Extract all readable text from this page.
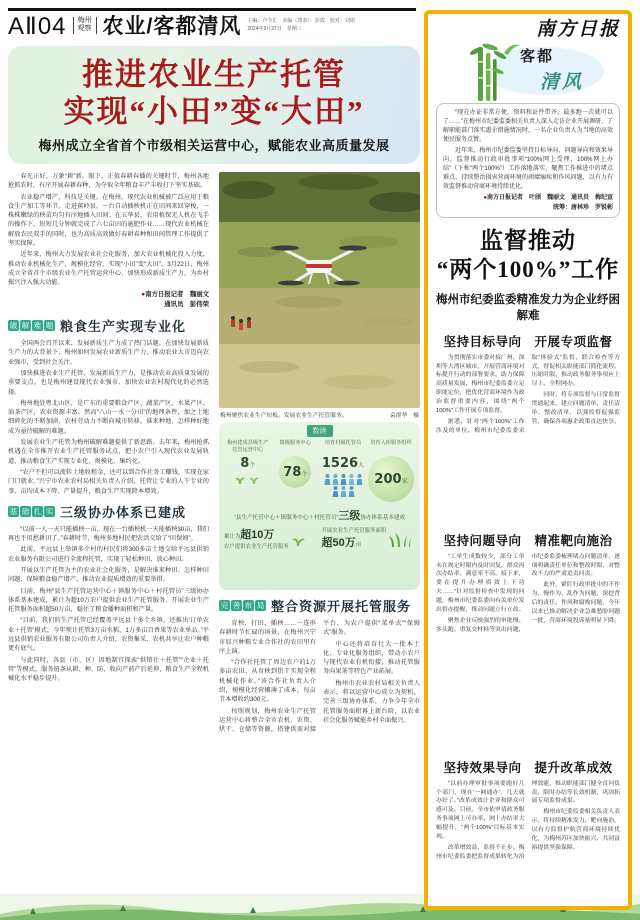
AⅡ04 梅州
观察 农业/客都清风 主编：卢令汇　美编（图表）：彭霞　校对：刘珺
2024年3月27日　星期三
推进农业生产托管
实现“小田”变“大田”
梅州成立全省首个市级相关运营中心，赋能农业高质量发展

春光正好，万象“耕”新。眼下，正值春耕春播的关键时节，梅州各地抢抓农时，有序开展春耕春种，为夺取全年粮食丰产丰收打下坚实基础。

农业稳产增产，科技是关键。在梅州，现代农业机械被广泛应用于粮食生产加工等环节。走进蕉岭县，一台自动插秧机正在田间来回穿梭，一株株嫩绿的秧苗均匀有序地插入田间；在五华县，农用植保无人机在飞手的操作下，短短几分钟就完成了六七亩田的施肥作业……现代农业机械在解放农民双手的同时，也为高质高效做好春耕春种和田间管理工作提供了坚实保障。

近年来，梅州大力发展农业社会化服务，加大农业机械化投入力度，推动农业机械化生产、规模化经营，实现“小田”变“大田”。3月22日，梅州成立全省首个市级农业生产托管运营中心，加快形成新质生产力，为乡村振兴注入强大动能。

●南方日报记者　魏丽文
通讯员　彭伟荣
破 解 难 题 粮食生产实现专业化

全国两会召开以来，发展新质生产力成了热门话题。在加快发展新质生产力的大背景下，梅州如何发展农业新质生产力，推动农业大市迈向农业强市，受到社会关注。

加快推进农业生产托管，发展新质生产力，是推动农业高质量发展的重要支点，也是梅州建设现代农业强市、加快农业农村现代化的必然选择。

梅州地处粤北山区，是广东的重要粮食产区、蔬菜产区、水果产区、油茶产区，农业资源丰富。然而“八山一水一分田”的地理条件，加之土地细碎化的不断加剧，农村劳动力不断向城市转移，谁来种地、怎样种好地成为亟待破解的难题。

发展农业生产托管为梅州破解难题提供了新思路。去年来，梅州抢抓机遇在全市推开农业生产托管服务试点，把小农户引入现代农业发展轨道，推动粮食生产实现专业化、规模化、集约化。

“农户不但可以流转土地收租金，还可以到合作社务工赚钱，实现在家门口就业。”兴宁市农业农村局相关负责人介绍，托管让专业的人干专业的事，亩均成本下降、产量提升，粮食生产实现降本增效。

基 础 扎 实 三级协办体系已建成

“以前一人一天只能插秧一亩，现在一台插秧机一天能插秧30亩，我们再也不用愁耕田了。”春耕时节，梅州多地村民把农活交给了“田保姆”。

此前，平远县上举镇多个村的村民们将300多亩土地交给平远县供销农业服务有限公司进行全流程托管，实现了轻松种田、放心种田。

开展以生产托管为主的农业社会化服务，是解决谁来种田、怎样种田问题，保障粮食稳产增产、推动农业提质增效的重要举措。

目前，梅州“县生产托管运营中心＋镇服务中心＋村托管员”三级协办体系基本建成，累计为超10万农户提供农业生产托管服务，开展农业生产托管服务面积超50万亩，稳住了粮食播种面积和产量。

“目前，我们的生产托管已经覆盖平远县十多个乡镇，还推出‘订单农业＋托管’模式，今年预计托管3万亩水稻、1万多亩百香果等农业单品。”平远县供销农业服务有限公司负责人介绍，农资集采、农机共享让农户种粮更有底气。

与此同时，各县（市、区）因地制宜探索“供销社＋托管”“企业＋托管”等模式，服务链条从耕、种、防、收向产前产后延伸，粮食生产全程机械化水平稳步提升。

梅州聚焦农业生产短板，发展农业生产托管服务。	袁群华　摄
数读
梅州建成县级生产托管运营中心
8个
镇级服务中心
78个
培育村级托管员
1526人
培育入库服务组织
200家
“县生产托管中心＋镇服务中心＋村托管员”三级协办体系基本建成
累计为超10万
农户提供农业生产托管服务
开展农业生产托管服务面积
超50万亩
完 善 布 局 整合资源开展托管服务

育秧、打田、插秧……一连串春耕时节忙碌的场景，在梅州兴宁市辰兴种粮专业合作社的农田里有序上演。

“合作社托管了周边农户的1万多亩农田，从育秧到烘干实现全程机械化作业。”该合作社负责人介绍，规模化经营摊薄了成本，每亩节本增收约300元。

按照规划，梅州农业生产托管运营中心将整合全市农机、农资、烘干、仓储等资源，搭建供需对接平台，为农户提供“菜单式”“保姆式”服务。

中心还将培育壮大一批本土化、专业化服务组织，带动小农户与现代农业有机衔接，推动托管服务向果茶等特色产业拓展。

梅州市农业农村局相关负责人表示，将以运营中心成立为契机，完善三级协办体系，力争今年全市托管服务面积再上新台阶，以农业社会化服务赋能乡村全面振兴。

南方日报
客都
清风

“现在办证非常方便，资料和证件带齐，最多跑一次就可以了……”在梅州市纪委监委相关负责人深入走访企业开展调研、了解职能部门落实惠企措施情况时，一名企业负责人为当地的高效便民服务点赞。

近年来，梅州市纪委监委坚持目标导向、问题导向和效果导向，监督推动行政审批事项“100%网上受理、100%网上办结”（下称“两个100%”）工作落地落实，聚焦工作推进中的堵点难点，持续整治损害营商环境的顽瘴痼疾和作风问题，以有力有效监督推动营商环境持续优化。

●南方日报记者　叶颀　魏丽文　通讯员　梅纪宣
统筹：唐林珍　罗锐彬
监督推动
“两个100%”工作
梅州市纪委监委精准发力为企业纾困解难
坚持目标导向　开展专项监督

为贯彻落实市委对接广州、深圳等大湾区城市，开展营商环境对标提升行动的部署要求，助力保障高质量发展，梅州市纪委监委立足职能定位，把优化营商环境作为政治监督重要内容，围绕“两个100%”工作开展专项监督。

据悉，针对“两个100%”工作涉及的单位，梅州市纪委监委采取“体验式”监督、联合检查等方式，督促相关职能部门简化流程、压缩时限，推动政务服务事项应上尽上、全程网办。

同时，将专项监督与日常监督贯通起来，建立问题清单、责任清单、整改清单，以强监督促强监管，确保各项惠企政策直达快享。

坚持问题导向　精准靶向施治

“工单生成数较少，部分工单未在规定时限内及时回复，群众再次办结率、满意率不高。接下来，要在提升办理质效上下功夫……”针对监督检查中发现的问题，梅州市纪委监委向有关单位发出督办提醒，推动问题立行立改。

聚焦企业反映强烈的审批慢、多头跑、重复交材料等突出问题，市纪委监委梳理堵点问题清单，逐项明确责任单位和整改时限，对整改不力的严肃追责问责。

此外，紧盯行政审批中的不作为、慢作为、乱作为问题，深挖背后的责任、作风和腐败问题，今年以来已推动解决企业急难愁盼问题一批，营商环境投诉量明显下降。

坚持效果导向　提升改革成效

“以前办理审批事项要跑好几个部门，现在‘一网通办’，几天就办好了。”改革成效让企业和群众可感可及。目前，全市依申请政务服务事项网上可办率、网上办结率大幅提升，“两个100%”目标基本实现。

改革增效益，监督不止步。梅州市纪委监委把监督成果转化为治理效能，推动职能部门健全首问负责、限时办结等长效机制，巩固拓展专项监督成果。

梅州市纪委监委相关负责人表示，将持续精准发力、靶向施治，以有力监督护航营商环境持续优化，为梅州苏区加快振兴、共同富裕提供坚强保障。
